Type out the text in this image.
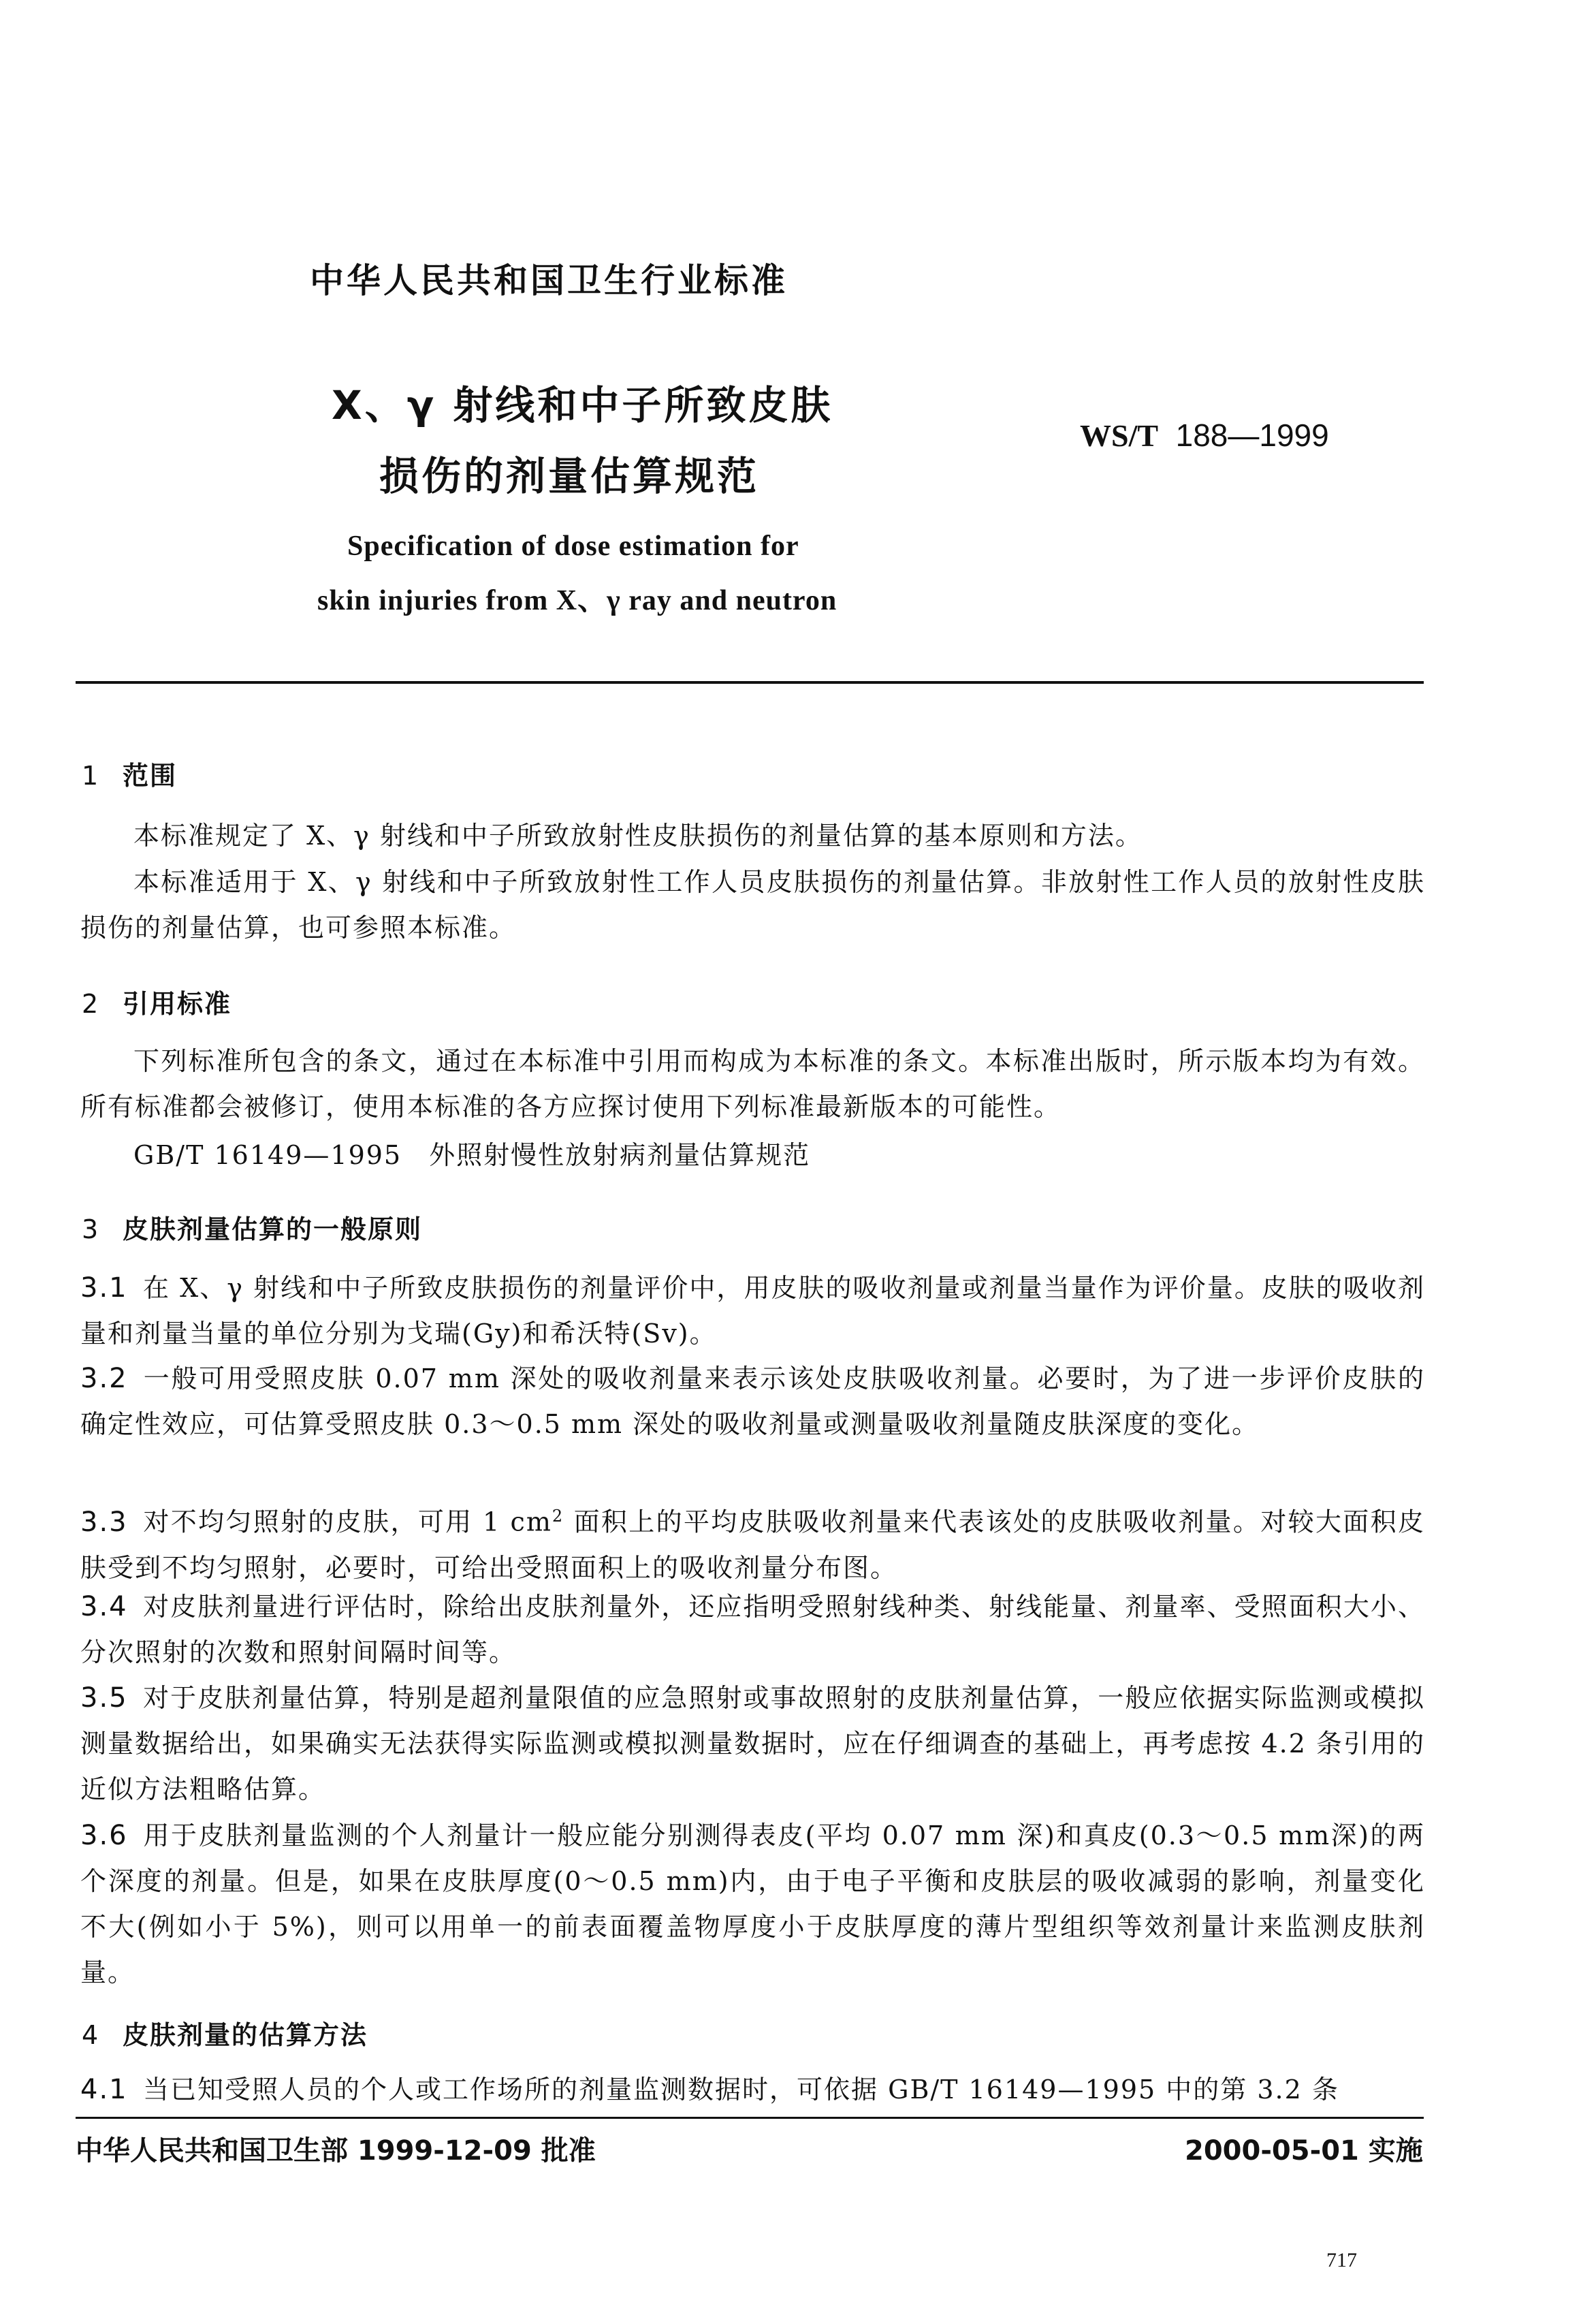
中华人民共和国卫生行业标准
X、γ 射线和中子所致皮肤
损伤的剂量估算规范
WS/T 188—1999
Specification of dose estimation for
skin injuries from X、γ ray and neutron
1 范围
本标准规定了 X、γ 射线和中子所致放射性皮肤损伤的剂量估算的基本原则和方法。
本标准适用于 X、γ 射线和中子所致放射性工作人员皮肤损伤的剂量估算。非放射性工作人员的放射性皮肤损伤的剂量估算，也可参照本标准。
2 引用标准
下列标准所包含的条文，通过在本标准中引用而构成为本标准的条文。本标准出版时，所示版本均为有效。所有标准都会被修订，使用本标准的各方应探讨使用下列标准最新版本的可能性。
GB/T 16149—1995 外照射慢性放射病剂量估算规范
3 皮肤剂量估算的一般原则
3.1 在 X、γ 射线和中子所致皮肤损伤的剂量评价中，用皮肤的吸收剂量或剂量当量作为评价量。皮肤的吸收剂量和剂量当量的单位分别为戈瑞(Gy)和希沃特(Sv)。
3.2 一般可用受照皮肤 0.07 mm 深处的吸收剂量来表示该处皮肤吸收剂量。必要时，为了进一步评价皮肤的确定性效应，可估算受照皮肤 0.3～0.5 mm 深处的吸收剂量或测量吸收剂量随皮肤深度的变化。
3.3 对不均匀照射的皮肤，可用 1 $cm^2$ 面积上的平均皮肤吸收剂量来代表该处的皮肤吸收剂量。对较大面积皮肤受到不均匀照射，必要时，可给出受照面积上的吸收剂量分布图。
3.4 对皮肤剂量进行评估时，除给出皮肤剂量外，还应指明受照射线种类、射线能量、剂量率、受照面积大小、分次照射的次数和照射间隔时间等。
3.5 对于皮肤剂量估算，特别是超剂量限值的应急照射或事故照射的皮肤剂量估算，一般应依据实际监测或模拟测量数据给出，如果确实无法获得实际监测或模拟测量数据时，应在仔细调查的基础上，再考虑按 4.2 条引用的近似方法粗略估算。
3.6 用于皮肤剂量监测的个人剂量计一般应能分别测得表皮(平均 0.07 mm 深)和真皮(0.3～0.5 mm深)的两个深度的剂量。但是，如果在皮肤厚度(0～0.5 mm)内，由于电子平衡和皮肤层的吸收减弱的影响，剂量变化不大(例如小于 5%)，则可以用单一的前表面覆盖物厚度小于皮肤厚度的薄片型组织等效剂量计来监测皮肤剂量。
4 皮肤剂量的估算方法
4.1 当已知受照人员的个人或工作场所的剂量监测数据时，可依据 GB/T 16149—1995 中的第 3.2 条
中华人民共和国卫生部 1999-12-09 批准	2000-05-01 实施
717
